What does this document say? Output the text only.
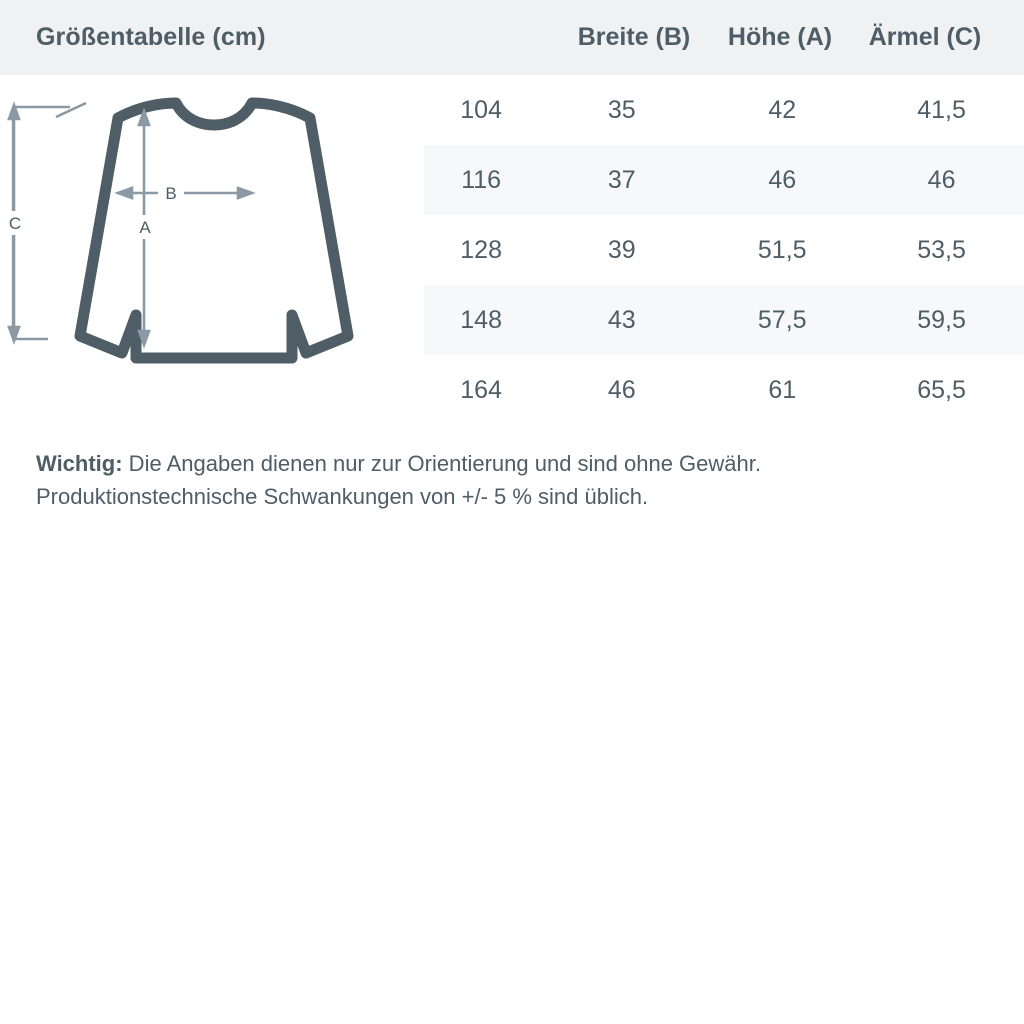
Größentabelle (cm)	Breite (B)	Höhe (A)	Ärmel (C)
B
A
C
104	35	42	41,5
116	37	46	46
128	39	51,5	53,5
148	43	57,5	59,5
164	46	61	65,5
Wichtig: Die Angaben dienen nur zur Orientierung und sind ohne Gewähr.
Produktionstechnische Schwankungen von +/- 5 % sind üblich.
